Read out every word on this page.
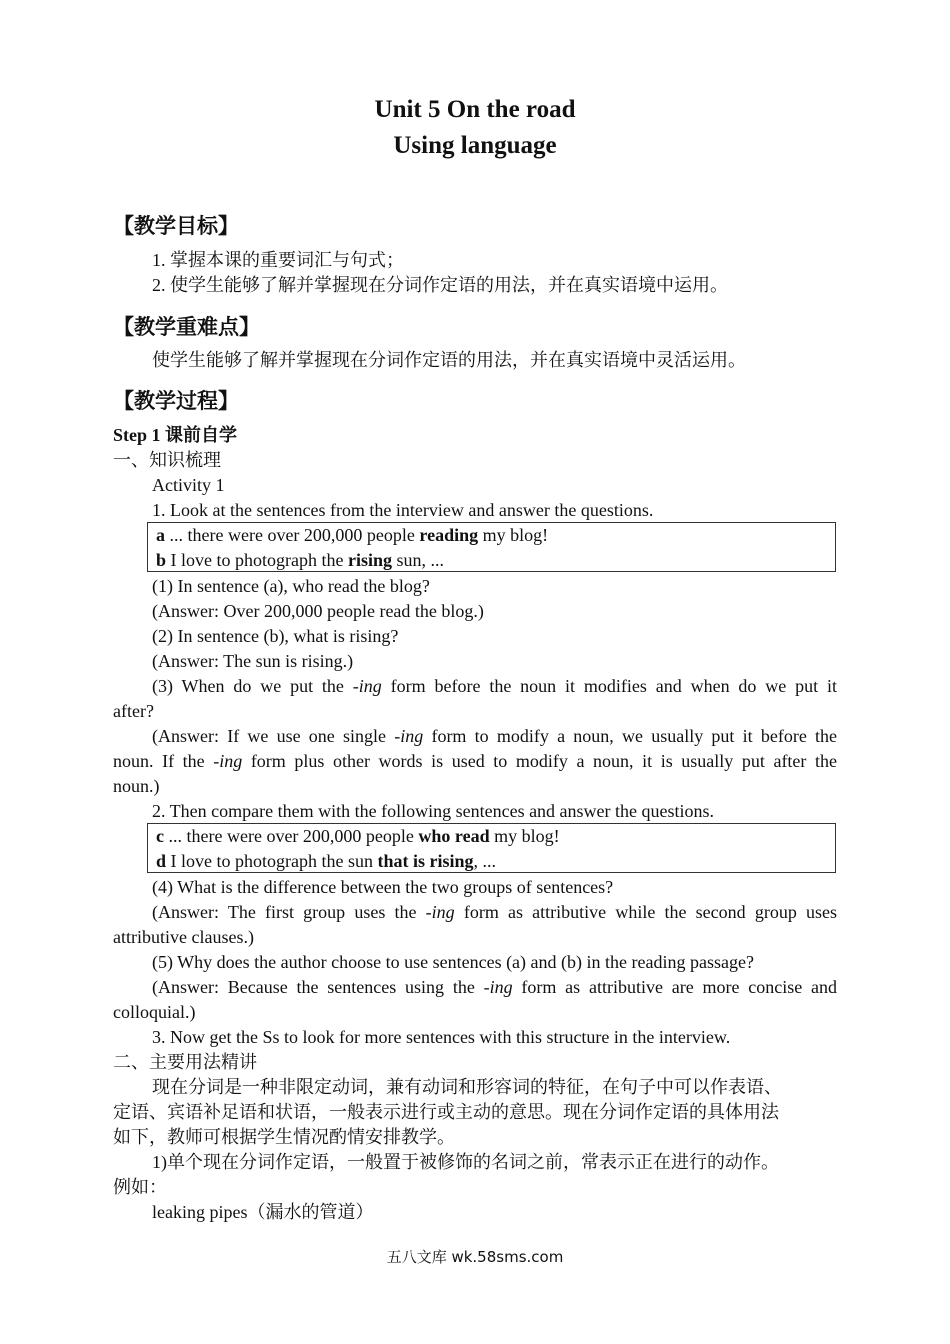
Unit 5 On the road
Using language
【教学目标】
1. 掌握本课的重要词汇与句式；
2. 使学生能够了解并掌握现在分词作定语的用法，并在真实语境中运用。
【教学重难点】
使学生能够了解并掌握现在分词作定语的用法，并在真实语境中灵活运用。
【教学过程】
Step 1 课前自学
一、知识梳理
Activity 1
1. Look at the sentences from the interview and answer the questions.
a ... there were over 200,000 people reading my blog!
b I love to photograph the rising sun, ...
(1) In sentence (a), who read the blog?
(Answer: Over 200,000 people read the blog.)
(2) In sentence (b), what is rising?
(Answer: The sun is rising.)
(3) When do we put the -ing form before the noun it modifies and when do we put it
after?
(Answer: If we use one single -ing form to modify a noun, we usually put it before the
noun. If the -ing form plus other words is used to modify a noun, it is usually put after the
noun.)
2. Then compare them with the following sentences and answer the questions.
c ... there were over 200,000 people who read my blog!
d I love to photograph the sun that is rising, ...
(4) What is the difference between the two groups of sentences?
(Answer: The first group uses the -ing form as attributive while the second group uses
attributive clauses.)
(5) Why does the author choose to use sentences (a) and (b) in the reading passage?
(Answer: Because the sentences using the -ing form as attributive are more concise and
colloquial.)
3. Now get the Ss to look for more sentences with this structure in the interview.
二、主要用法精讲
现在分词是一种非限定动词，兼有动词和形容词的特征，在句子中可以作表语、
定语、宾语补足语和状语，一般表示进行或主动的意思。现在分词作定语的具体用法
如下，教师可根据学生情况酌情安排教学。
1)单个现在分词作定语，一般置于被修饰的名词之前，常表示正在进行的动作。
例如：
leaking pipes（漏水的管道）
五八文库 wk.58sms.com
